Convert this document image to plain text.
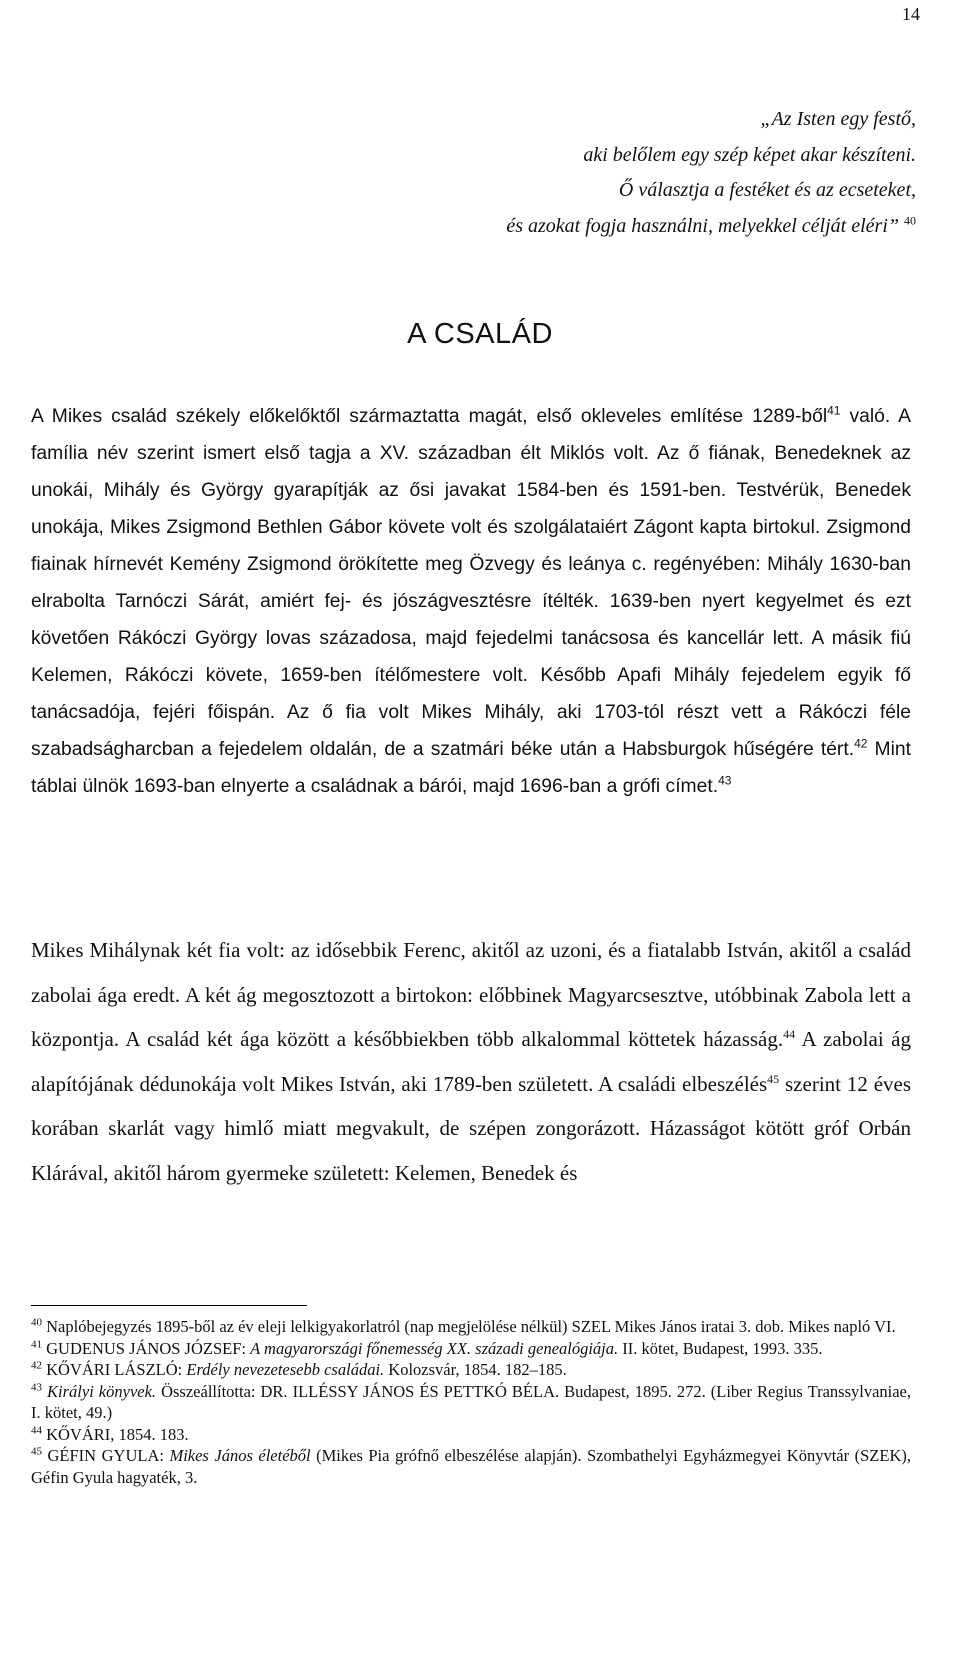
14
„Az Isten egy festő,
aki belőlem egy szép képet akar készíteni.
Ő választja a festéket és az ecseteket,
és azokat fogja használni, melyekkel célját eléri” $^{40}$
A CSALÁD
A Mikes család székely előkelőktől származtatta magát, első okleveles említése 1289-ből$^{41}$ való. A família név szerint ismert első tagja a XV. században élt Miklós volt. Az ő fiának, Benedeknek az unokái, Mihály és György gyarapítják az ősi javakat 1584-ben és 1591-ben. Testvérük, Benedek unokája, Mikes Zsigmond Bethlen Gábor követe volt és szolgálataiért Zágont kapta birtokul. Zsigmond fiainak hírnevét Kemény Zsigmond örökítette meg Özvegy és leánya c. regényében: Mihály 1630-ban elrabolta Tarnóczi Sárát, amiért fej- és jószágvesztésre ítélték. 1639-ben nyert kegyelmet és ezt követően Rákóczi György lovas századosa, majd fejedelmi tanácsosa és kancellár lett. A másik fiú Kelemen, Rákóczi követe, 1659-ben ítélőmestere volt. Később Apafi Mihály fejedelem egyik fő tanácsadója, fejéri főispán. Az ő fia volt Mikes Mihály, aki 1703-tól részt vett a Rákóczi féle szabadságharcban a fejedelem oldalán, de a szatmári béke után a Habsburgok hűségére tért.$^{42}$ Mint táblai ülnök 1693-ban elnyerte a családnak a bárói, majd 1696-ban a grófi címet.$^{43}$
Mikes Mihálynak két fia volt: az idősebbik Ferenc, akitől az uzoni, és a fiatalabb István, akitől a család zabolai ága eredt. A két ág megosztozott a birtokon: előbbinek Magyarcsesztve, utóbbinak Zabola lett a központja. A család két ága között a későbbiekben több alkalommal köttetek házasság.$^{44}$ A zabolai ág alapítójának dédunokája volt Mikes István, aki 1789-ben született. A családi elbeszélés$^{45}$ szerint 12 éves korában skarlát vagy himlő miatt megvakult, de szépen zongorázott. Házasságot kötött gróf Orbán Klárával, akitől három gyermeke született: Kelemen, Benedek és

$^{40}$ Naplóbejegyzés 1895-ből az év eleji lelkigyakorlatról (nap megjelölése nélkül) SZEL Mikes János iratai 3. dob. Mikes napló VI.

$^{41}$ GUDENUS JÁNOS JÓZSEF: A magyarországi főnemesség XX. századi genealógiája. II. kötet, Budapest, 1993. 335.

$^{42}$ KŐVÁRI LÁSZLÓ: Erdély nevezetesebb családai. Kolozsvár, 1854. 182–185.

$^{43}$ Királyi könyvek. Összeállította: DR. ILLÉSSY JÁNOS ÉS PETTKÓ BÉLA. Budapest, 1895. 272. (Liber Regius Transsylvaniae, I. kötet, 49.)

$^{44}$ KŐVÁRI, 1854. 183.

$^{45}$ GÉFIN GYULA: Mikes János életéből (Mikes Pia grófnő elbeszélése alapján). Szombathelyi Egyházmegyei Könyvtár (SZEK), Géfin Gyula hagyaték, 3.
